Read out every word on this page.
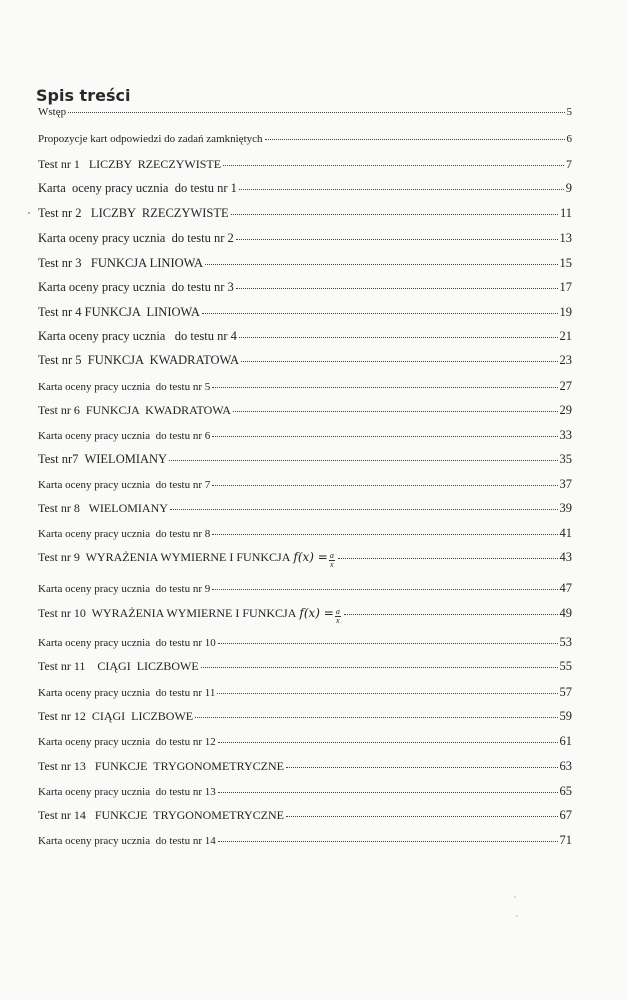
Spis treści
Wstęp	5
Propozycje kart odpowiedzi do zadań zamkniętych	6
Test nr 1   LICZBY  RZECZYWISTE	7
Karta  oceny pracy ucznia  do testu nr 1	9
Test nr 2   LICZBY  RZECZYWISTE	11
Karta oceny pracy ucznia  do testu nr 2	13
Test nr 3   FUNKCJA LINIOWA	15
Karta oceny pracy ucznia  do testu nr 3	17
Test nr 4 FUNKCJA  LINIOWA	19
Karta oceny pracy ucznia   do testu nr 4	21
Test nr 5  FUNKCJA  KWADRATOWA	23
Karta oceny pracy ucznia  do testu nr 5	27
Test nr 6  FUNKCJA  KWADRATOWA	29
Karta oceny pracy ucznia  do testu nr 6	33
Test nr7  WIELOMIANY	35
Karta oceny pracy ucznia  do testu nr 7	37
Test nr 8   WIELOMIANY	39
Karta oceny pracy ucznia  do testu nr 8	41
Test nr 9  WYRAŻENIA WYMIERNE I FUNKCJA
$f(x) = \frac{a}{x}$	43
Karta oceny pracy ucznia  do testu nr 9	47
Test nr 10  WYRAŻENIA WYMIERNE I FUNKCJA
$f(x) = \frac{a}{x}$	49
Karta oceny pracy ucznia  do testu nr 10	53
Test nr 11    CIĄGI  LICZBOWE	55
Karta oceny pracy ucznia  do testu nr 11	57
Test nr 12  CIĄGI  LICZBOWE	59
Karta oceny pracy ucznia  do testu nr 12	61
Test nr 13   FUNKCJE  TRYGONOMETRYCZNE	63
Karta oceny pracy ucznia  do testu nr 13	65
Test nr 14   FUNKCJE  TRYGONOMETRYCZNE	67
Karta oceny pracy ucznia  do testu nr 14	71
